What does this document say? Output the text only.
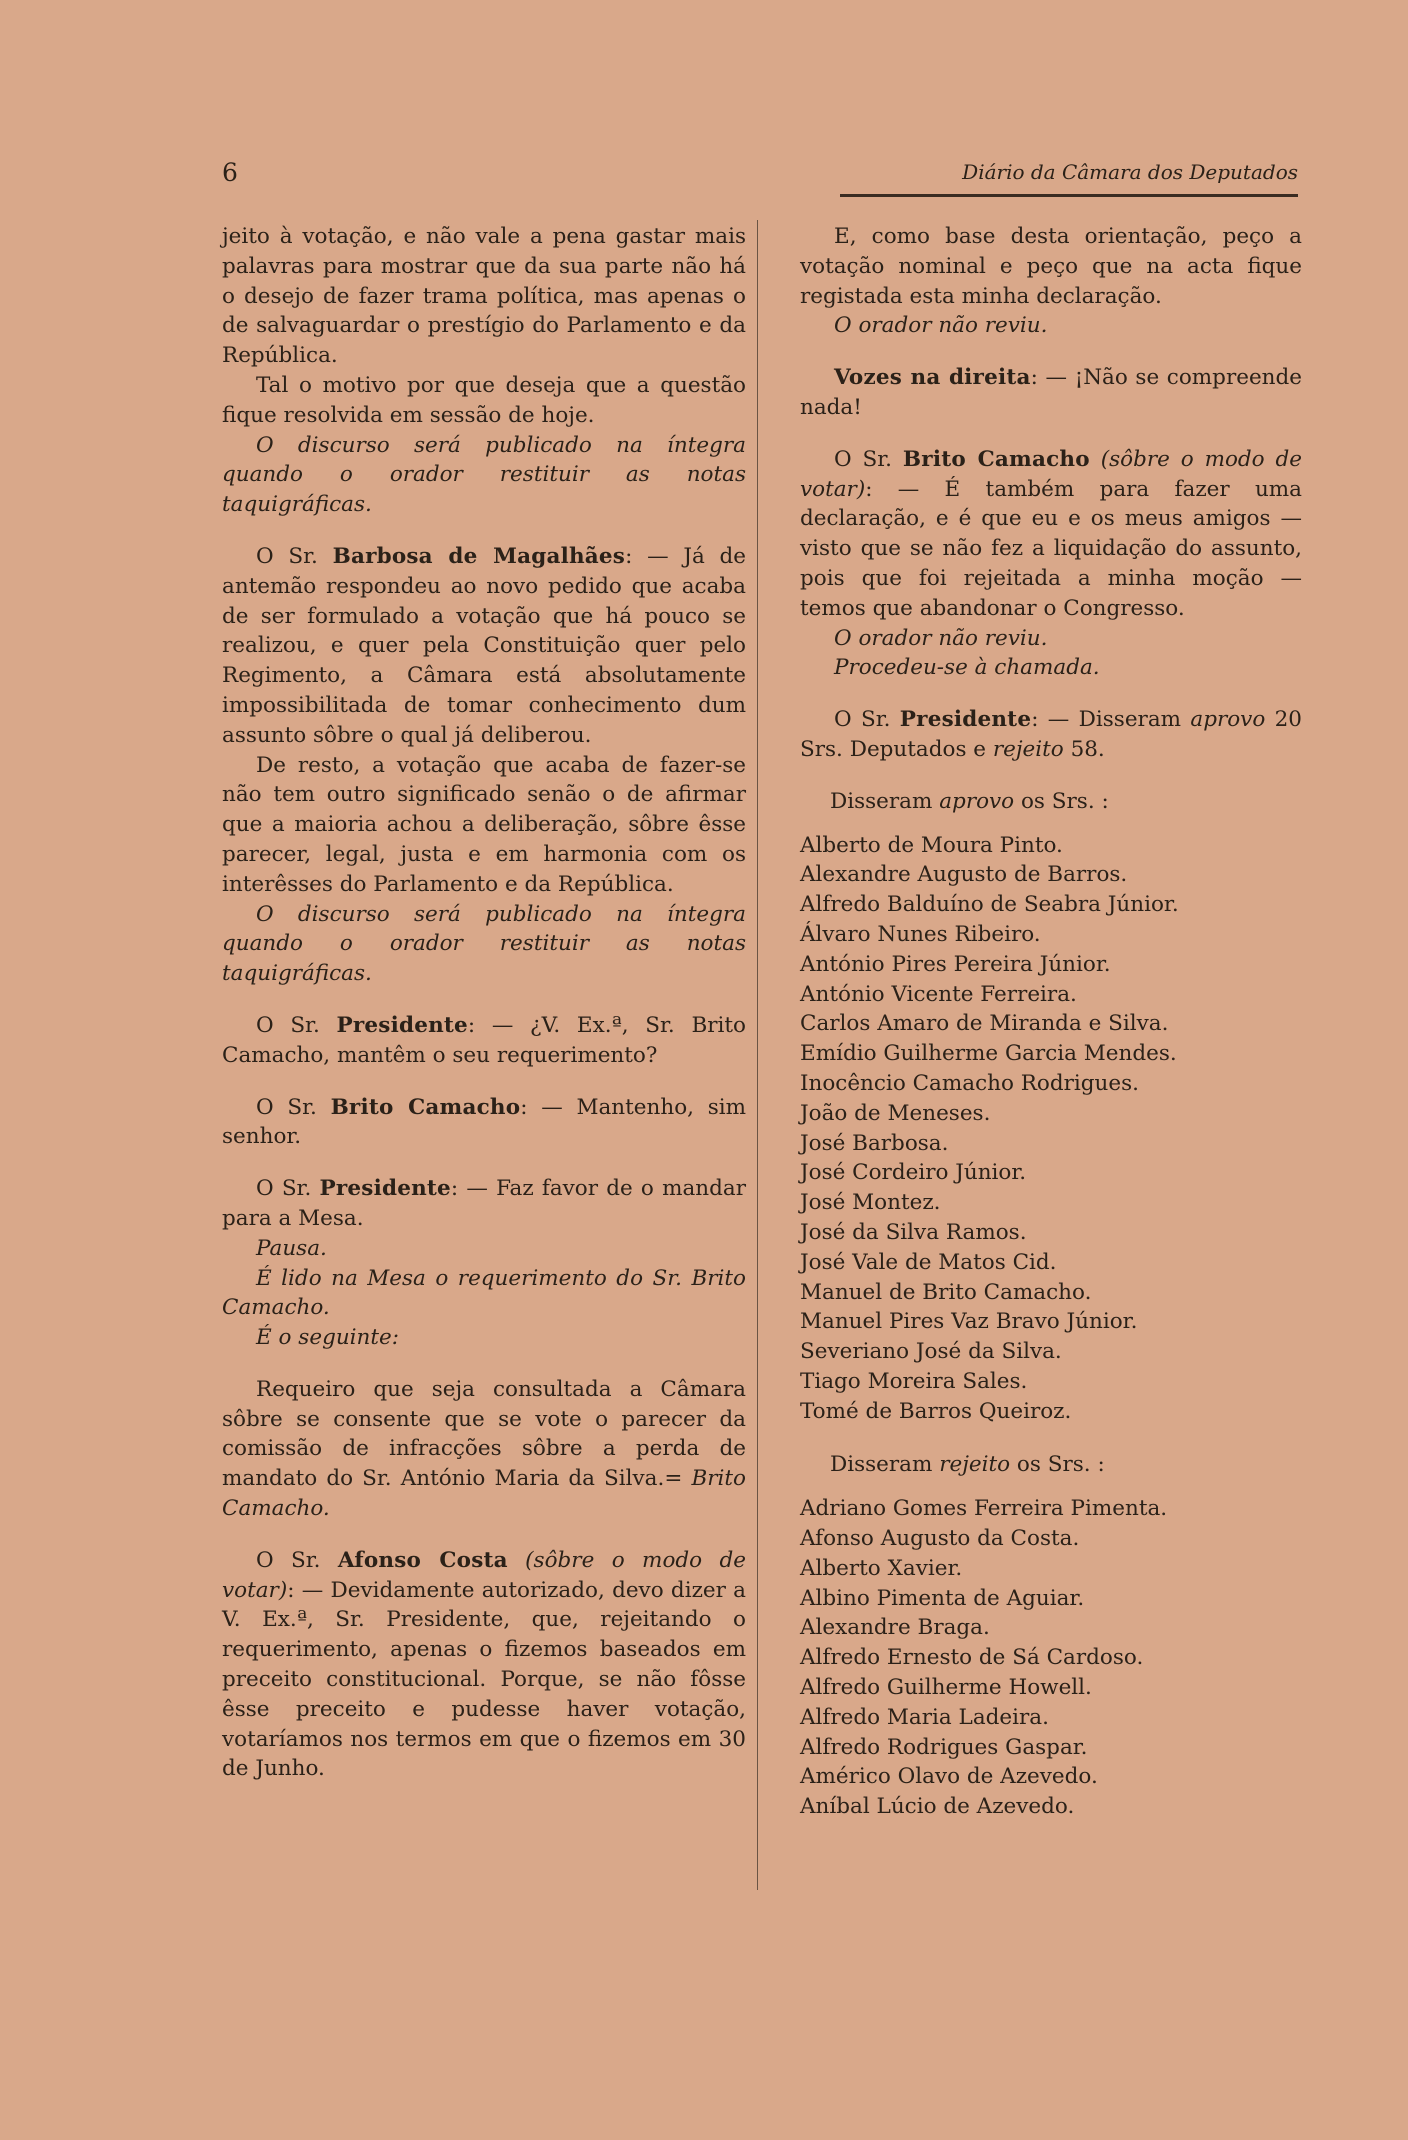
6	Diário da Câmara dos Deputados

jeito à votação, e não vale a pena gastar mais palavras para mostrar que da sua parte não há o desejo de fazer trama política, mas apenas o de salvaguardar o prestígio do Parlamento e da República.

Tal o motivo por que deseja que a questão fique resolvida em sessão de hoje.

O discurso será publicado na íntegra quando o orador restituir as notas taquigráficas.

O Sr. Barbosa de Magalhães: — Já de antemão respondeu ao novo pedido que acaba de ser formulado a votação que há pouco se realizou, e quer pela Constituição quer pelo Regimento, a Câmara está absolutamente impossibilitada de tomar conhecimento dum assunto sôbre o qual já deliberou.

De resto, a votação que acaba de fazer-se não tem outro significado senão o de afirmar que a maioria achou a deliberação, sôbre êsse parecer, legal, justa e em harmonia com os interêsses do Parlamento e da República.

O discurso será publicado na íntegra quando o orador restituir as notas taquigráficas.

O Sr. Presidente: — ¿V. Ex.ª, Sr. Brito Camacho, mantêm o seu requerimento?

O Sr. Brito Camacho: — Mantenho, sim senhor.

O Sr. Presidente: — Faz favor de o mandar para a Mesa.

Pausa.

É lido na Mesa o requerimento do Sr. Brito Camacho.

É o seguinte:

Requeiro que seja consultada a Câmara sôbre se consente que se vote o parecer da comissão de infracções sôbre a perda de mandato do Sr. António Maria da Silva.= Brito Camacho.

O Sr. Afonso Costa (sôbre o modo de votar): — Devidamente autorizado, devo dizer a V. Ex.ª, Sr. Presidente, que, rejeitando o requerimento, apenas o fizemos baseados em preceito constitucional. Porque, se não fôsse êsse preceito e pudesse haver votação, votaríamos nos termos em que o fizemos em 30 de Junho.

E, como base desta orientação, peço a votação nominal e peço que na acta fique registada esta minha declaração.

O orador não reviu.

Vozes na direita: — ¡Não se compreende nada!

O Sr. Brito Camacho (sôbre o modo de votar): — É também para fazer uma declaração, e é que eu e os meus amigos — visto que se não fez a liquidação do assunto, pois que foi rejeitada a minha moção — temos que abandonar o Congresso.

O orador não reviu.

Procedeu-se à chamada.

O Sr. Presidente: — Disseram aprovo 20 Srs. Deputados e rejeito 58.

Disseram aprovo os Srs. :

Alberto de Moura Pinto.
Alexandre Augusto de Barros.
Alfredo Balduíno de Seabra Júnior.
Álvaro Nunes Ribeiro.
António Pires Pereira Júnior.
António Vicente Ferreira.
Carlos Amaro de Miranda e Silva.
Emídio Guilherme Garcia Mendes.
Inocêncio Camacho Rodrigues.
João de Meneses.
José Barbosa.
José Cordeiro Júnior.
José Montez.
José da Silva Ramos.
José Vale de Matos Cid.
Manuel de Brito Camacho.
Manuel Pires Vaz Bravo Júnior.
Severiano José da Silva.
Tiago Moreira Sales.
Tomé de Barros Queiroz.

Disseram rejeito os Srs. :

Adriano Gomes Ferreira Pimenta.
Afonso Augusto da Costa.
Alberto Xavier.
Albino Pimenta de Aguiar.
Alexandre Braga.
Alfredo Ernesto de Sá Cardoso.
Alfredo Guilherme Howell.
Alfredo Maria Ladeira.
Alfredo Rodrigues Gaspar.
Américo Olavo de Azevedo.
Aníbal Lúcio de Azevedo.
